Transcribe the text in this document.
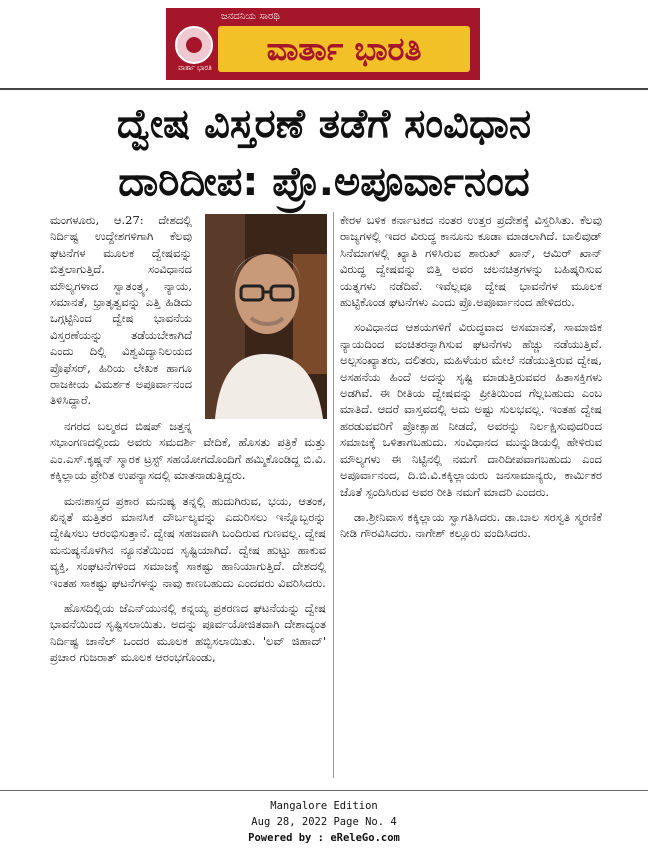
ವಾರ್ತಾ ಭಾರತಿ
ಜನದನಿಯ ಸಾರಥಿ
ವಾರ್ತಾ ಭಾರತಿ
ದ್ವೇಷ ವಿಸ್ತರಣೆ ತಡೆಗೆ ಸಂವಿಧಾನ
ದಾರಿದೀಪ: ಪ್ರೊ.ಅಪೂರ್ವಾನಂದ

ಮಂಗಳೂರು, ಆ.27: ದೇಶದಲ್ಲಿ ನಿರ್ದಿಷ್ಟ ಉದ್ದೇಶಗಳಿಗಾಗಿ ಕೆಲವು ಘಟನೆಗಳ ಮೂಲಕ ದ್ವೇಷವನ್ನು ಬಿತ್ತಲಾಗುತ್ತಿದೆ. ಸಂವಿಧಾನದ ಮೌಲ್ಯಗಳಾದ ಸ್ವಾತಂತ್ರ್ಯ, ನ್ಯಾಯ, ಸಮಾನತೆ, ಭ್ರಾತೃತ್ವವನ್ನು ಎತ್ತಿ ಹಿಡಿದು ಒಗ್ಗಟ್ಟಿನಿಂದ ದ್ವೇಷ ಭಾವನೆಯ ವಿಸ್ತರಣೆಯನ್ನು ತಡೆಯಬೇಕಾಗಿದೆ ಎಂದು ದಿಲ್ಲಿ ವಿಶ್ವವಿದ್ಯಾನಿಲಯದ ಪ್ರೊಫೆಸರ್, ಹಿರಿಯ ಲೇಖಕ ಹಾಗೂ ರಾಜಕೀಯ ವಿಮರ್ಶಕ ಅಪೂರ್ವಾನಂದ ತಿಳಿಸಿದ್ದಾರೆ.

ನಗರದ ಬಲ್ಮಠದ ಬಿಷಪ್ ಜತ್ತನ್ನ ಸಭಾಂಗಣದಲ್ಲಿಂದು ಅವರು ಸಮದರ್ಶಿ ವೇದಿಕೆ, ಹೊಸತು ಪತ್ರಿಕೆ ಮತ್ತು ಎಂ.ಎಸ್.ಕೃಷ್ಣನ್ ಸ್ಮಾರಕ ಟ್ರಸ್ಟ್ ಸಹಯೋಗದೊಂದಿಗೆ ಹಮ್ಮಿಕೊಂಡಿದ್ದ ಬಿ.ವಿ. ಕಕ್ಕಿಲ್ಲಾಯ ಪ್ರೇರಿತ ಉಪನ್ಯಾಸದಲ್ಲಿ ಮಾತನಾಡುತ್ತಿದ್ದರು.

ಮನಃಶಾಸ್ತ್ರದ ಪ್ರಕಾರ ಮನುಷ್ಯ ತನ್ನಲ್ಲಿ ಹುದುಗಿರುವ, ಭಯ, ಆತಂಕ, ಖಿನ್ನತೆ ಮತ್ತಿತರ ಮಾನಸಿಕ ದೌರ್ಬಲ್ಯವನ್ನು ಎದುರಿಸಲು ಇನ್ನೊಬ್ಬರನ್ನು ದ್ವೇಷಿಸಲು ಆರಂಭಿಸುತ್ತಾನೆ. ದ್ವೇಷ ಸಹಜವಾಗಿ ಬಂದಿರುವ ಗುಣವಲ್ಲ. ದ್ವೇಷ ಮನುಷ್ಯನೊಳಗಿನ ನ್ಯೂನತೆಯಿಂದ ಸೃಷ್ಟಿಯಾಗಿದೆ. ದ್ವೇಷ ಹುಟ್ಟು ಹಾಕುವ ವ್ಯಕ್ತಿ, ಸಂಘಟನೆಗಳಿಂದ ಸಮಾಜಕ್ಕೆ ಸಾಕಷ್ಟು ಹಾನಿಯಾಗುತ್ತಿದೆ. ದೇಶದಲ್ಲಿ ಇಂತಹ ಸಾಕಷ್ಟು ಘಟನೆಗಳನ್ನು ನಾವು ಕಾಣಬಹುದು ಎಂದವರು ವಿವರಿಸಿದರು.

ಹೊಸದಿಲ್ಲಿಯ ಜೆಎನ್‌ಯುನಲ್ಲಿ ಕನ್ನಯ್ಯ ಪ್ರಕರಣದ ಘಟನೆಯನ್ನು ದ್ವೇಷ ಭಾವನೆಯಿಂದ ಸೃಷ್ಟಿಸಲಾಯಿತು. ಅದನ್ನು ಪೂರ್ವಯೋಜಿತವಾಗಿ ದೇಶಾದ್ಯಂತ ನಿರ್ದಿಷ್ಟ ಚಾನೆಲ್ ಒಂದರ ಮೂಲಕ ಹಬ್ಬಿಸಲಾಯಿತು. 'ಲವ್ ಜಿಹಾದ್' ಪ್ರಚಾರ ಗುಜರಾತ್ ಮೂಲಕ ಆರಂಭಗೊಂಡು,

ಕೇರಳ ಬಳಿಕ ಕರ್ನಾಟಕದ ನಂತರ ಉತ್ತರ ಪ್ರದೇಶಕ್ಕೆ ವಿಸ್ತರಿಸಿತು. ಕೆಲವು ರಾಜ್ಯಗಳಲ್ಲಿ ಇದರ ವಿರುದ್ಧ ಕಾನೂನು ಕೂಡಾ ಮಾಡಲಾಗಿದೆ. ಬಾಲಿವುಡ್ ಸಿನೆಮಾಗಳಲ್ಲಿ ಖ್ಯಾತಿ ಗಳಿಸಿರುವ ಶಾರುಖ್ ಖಾನ್, ಆಮಿರ್ ಖಾನ್ ವಿರುದ್ಧ ದ್ವೇಷವನ್ನು ಬಿತ್ತಿ ಅವರ ಚಲನಚಿತ್ರಗಳನ್ನು ಬಹಿಷ್ಕರಿಸುವ ಯತ್ನಗಳು ನಡೆದಿವೆ. ಇವೆಲ್ಲವೂ ದ್ವೇಷ ಭಾವನೆಗಳ ಮೂಲಕ ಹುಟ್ಟಿಕೊಂಡ ಘಟನೆಗಳು ಎಂದು ಪ್ರೊ.ಅಪೂರ್ವಾನಂದ ಹೇಳಿದರು.

ಸಂವಿಧಾನದ ಆಶಯಗಳಿಗೆ ವಿರುದ್ಧವಾದ ಅಸಮಾನತೆ, ಸಾಮಾಜಿಕ ನ್ಯಾಯದಿಂದ ವಂಚಿತರನ್ನಾಗಿಸುವ ಘಟನೆಗಳು ಹೆಚ್ಚು ನಡೆಯುತ್ತಿವೆ. ಅಲ್ಪಸಂಖ್ಯಾತರು, ದಲಿತರು, ಮಹಿಳೆಯರ ಮೇಲೆ ನಡೆಯುತ್ತಿರುವ ದ್ವೇಷ, ಅಸಹನೆಯ ಹಿಂದೆ ಅದನ್ನು ಸೃಷ್ಟಿ ಮಾಡುತ್ತಿರುವವರ ಹಿತಾಸಕ್ತಿಗಳು ಅಡಗಿವೆ. ಈ ರೀತಿಯ ದ್ವೇಷವನ್ನು ಪ್ರೀತಿಯಿಂದ ಗೆಲ್ಲಬಹುದು ಎಂಬ ಮಾತಿದೆ. ಆದರೆ ವಾಸ್ತವದಲ್ಲಿ ಅದು ಅಷ್ಟು ಸುಲಭವಲ್ಲ. ಇಂತಹ ದ್ವೇಷ ಹರಡುವವರಿಗೆ ಪ್ರೋತ್ಸಾಹ ನೀಡದೆ, ಅವರನ್ನು ನಿರ್ಲಕ್ಷಿಸುವುದರಿಂದ ಸಮಾಜಕ್ಕೆ ಒಳಿತಾಗಬಹುದು. ಸಂವಿಧಾನದ ಮುನ್ನುಡಿಯಲ್ಲಿ ಹೇಳಿರುವ ಮೌಲ್ಯಗಳು ಈ ನಿಟ್ಟಿನಲ್ಲಿ ನಮಗೆ ದಾರಿದೀಪವಾಗಬಹುದು ಎಂದ ಅಪೂರ್ವಾನಂದ, ದಿ.ಬಿ.ವಿ.ಕಕ್ಕಿಲ್ಲಾಯರು ಜನಸಾಮಾನ್ಯರು, ಕಾರ್ಮಿಕರ ಜೊತೆ ಸ್ಪಂದಿಸಿರುವ ಅವರ ರೀತಿ ನಮಗೆ ಮಾದರಿ ಎಂದರು.

ಡಾ.ಶ್ರೀನಿವಾಸ ಕಕ್ಕಿಲ್ಲಾಯ ಸ್ವಾಗತಿಸಿದರು. ಡಾ.ಬಾಲ ಸರಸ್ವತಿ ಸ್ಮರಣಿಕೆ ನೀಡಿ ಗೌರವಿಸಿದರು. ನಾಗೇಶ್ ಕಲ್ಲೂರು ವಂದಿಸಿದರು.

Mangalore Edition
Aug 28, 2022 Page No. 4
Powered by : eReleGo.com
